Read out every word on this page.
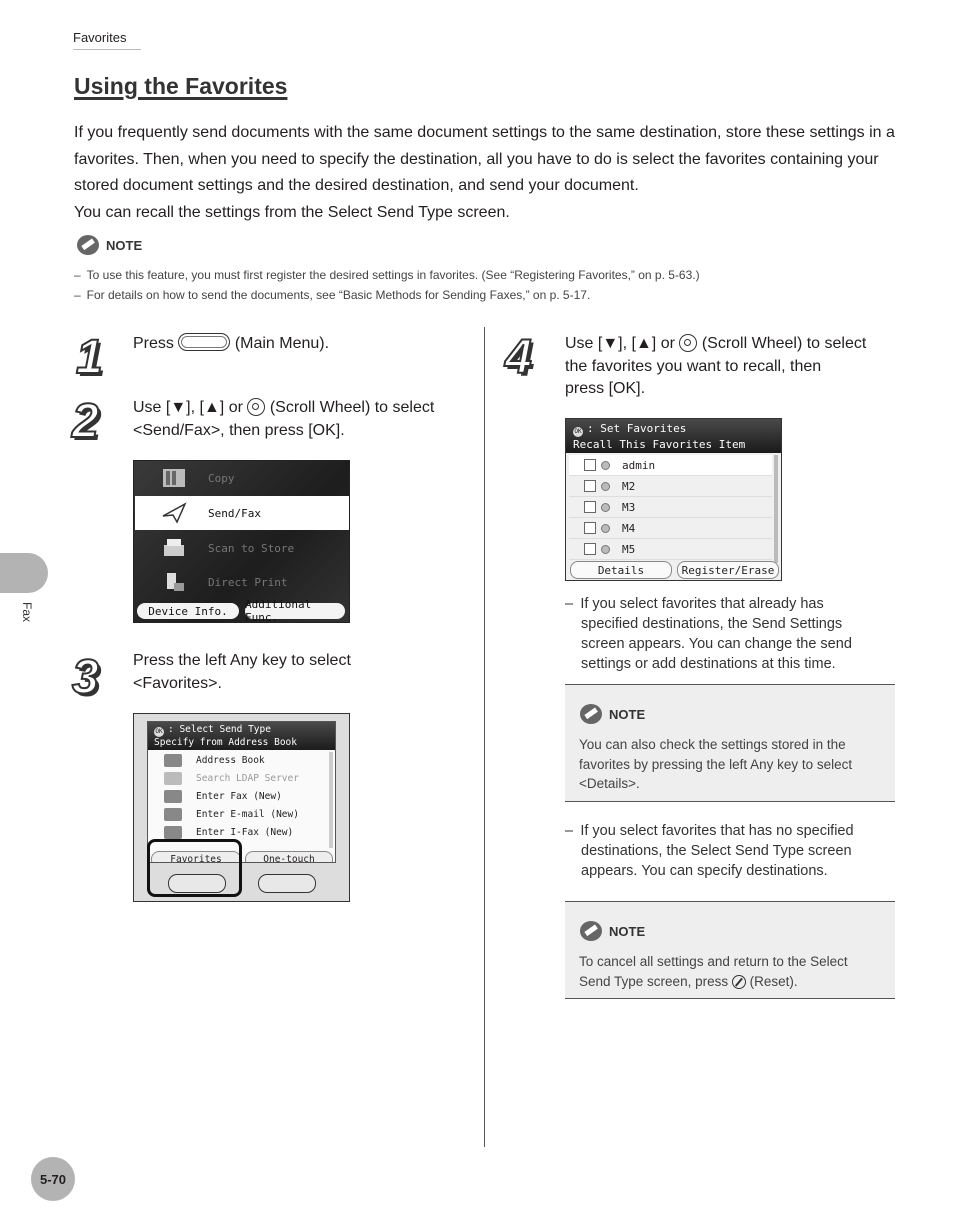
Favorites
Using the Favorites

If you frequently send documents with the same document settings to the same destination, store these settings in a favorites. Then, when you need to specify the destination, all you have to do is select the favorites containing your stored document settings and the desired destination, and send your document.

You can recall the settings from the Select Send Type screen.

NOTE
– To use this feature, you must first register the desired settings in favorites. (See “Registering Favorites,” on p. 5-63.)
– For details on how to send the documents, see “Basic Methods for Sending Faxes,” on p. 5-17.
Fax
1 Press	(Main Menu).
2 Use [▼], [▲] or (Scroll Wheel) to select
<Send/Fax>, then press [OK].
Copy
Send/Fax
Scan to Store
Direct Print
Device Info.	Additional Func.
3 Press the left Any key to select
<Favorites>.
OK : Select Send Type
Specify from Address Book
Address Book
Search LDAP Server
Enter Fax (New)
Enter E-mail (New)
Enter I-Fax (New)
Favorites	One-touch
4 Use [▼], [▲] or (Scroll Wheel) to select
the favorites you want to recall, then
press [OK].
OK : Set Favorites
Recall This Favorites Item
admin
M2
M3
M4
M5
Details	Register/Erase
– If you select favorites that already has specified destinations, the Send Settings screen appears. You can change the send settings or add destinations at this time.
NOTE
You can also check the settings stored in the favorites by pressing the left Any key to select <Details>.
– If you select favorites that has no specified destinations, the Select Send Type screen appears. You can specify destinations.
NOTE
To cancel all settings and return to the Select Send Type screen, press (Reset).
5-70
